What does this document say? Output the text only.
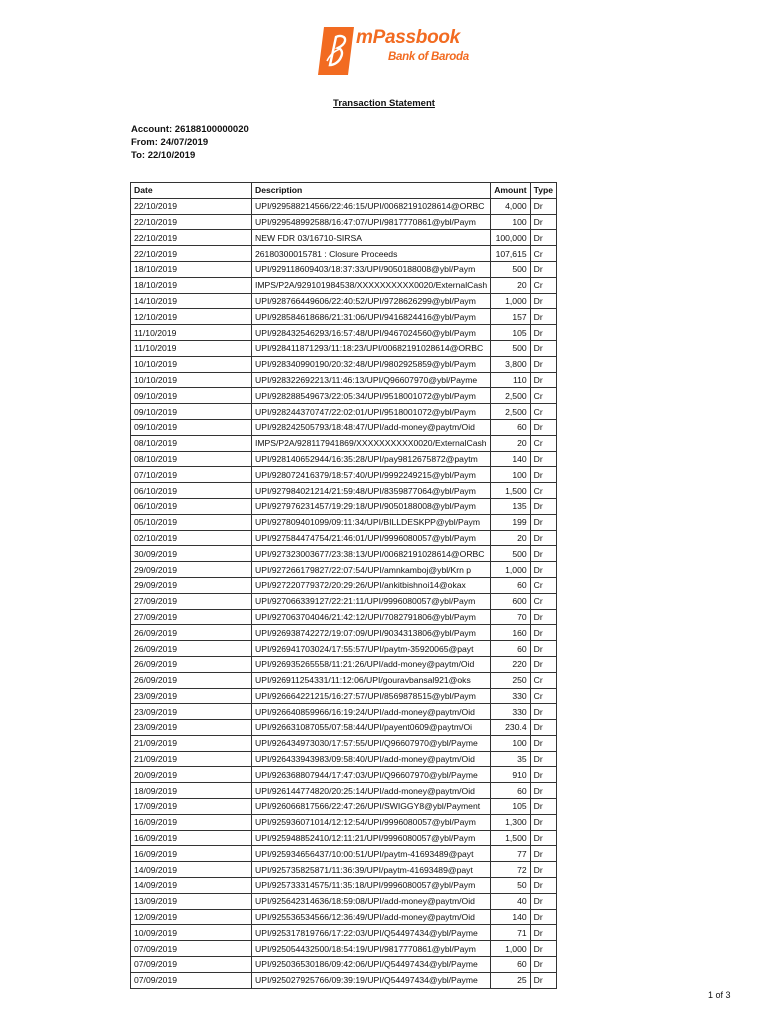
mPassbook
Bank of Baroda
Transaction Statement
Account: 26188100000020
From: 24/07/2019
To: 22/10/2019
Date	Description	Amount	Type
22/10/2019	UPI/929588214566/22:46:15/UPI/00682191028614@ORBC	4,000	Dr
22/10/2019	UPI/929548992588/16:47:07/UPI/9817770861@ybl/Paym	100	Dr
22/10/2019	NEW FDR 03/16710-SIRSA	100,000	Dr
22/10/2019	26180300015781 : Closure Proceeds	107,615	Cr
18/10/2019	UPI/929118609403/18:37:33/UPI/9050188008@ybl/Paym	500	Dr
18/10/2019	IMPS/P2A/929101984538/XXXXXXXXXX0020/ExternalCash	20	Cr
14/10/2019	UPI/928766449606/22:40:52/UPI/9728626299@ybl/Paym	1,000	Dr
12/10/2019	UPI/928584618686/21:31:06/UPI/9416824416@ybl/Paym	157	Dr
11/10/2019	UPI/928432546293/16:57:48/UPI/9467024560@ybl/Paym	105	Dr
11/10/2019	UPI/928411871293/11:18:23/UPI/00682191028614@ORBC	500	Dr
10/10/2019	UPI/928340990190/20:32:48/UPI/9802925859@ybl/Paym	3,800	Dr
10/10/2019	UPI/928322692213/11:46:13/UPI/Q96607970@ybl/Payme	110	Dr
09/10/2019	UPI/928288549673/22:05:34/UPI/9518001072@ybl/Paym	2,500	Cr
09/10/2019	UPI/928244370747/22:02:01/UPI/9518001072@ybl/Paym	2,500	Cr
09/10/2019	UPI/928242505793/18:48:47/UPI/add-money@paytm/Oid	60	Dr
08/10/2019	IMPS/P2A/928117941869/XXXXXXXXXX0020/ExternalCash	20	Cr
08/10/2019	UPI/928140652944/16:35:28/UPI/pay9812675872@paytm	140	Dr
07/10/2019	UPI/928072416379/18:57:40/UPI/9992249215@ybl/Paym	100	Dr
06/10/2019	UPI/927984021214/21:59:48/UPI/8359877064@ybl/Paym	1,500	Cr
06/10/2019	UPI/927976231457/19:29:18/UPI/9050188008@ybl/Paym	135	Dr
05/10/2019	UPI/927809401099/09:11:34/UPI/BILLDESKPP@ybl/Paym	199	Dr
02/10/2019	UPI/927584474754/21:46:01/UPI/9996080057@ybl/Paym	20	Dr
30/09/2019	UPI/927323003677/23:38:13/UPI/00682191028614@ORBC	500	Dr
29/09/2019	UPI/927266179827/22:07:54/UPI/amnkamboj@ybl/Krn p	1,000	Dr
29/09/2019	UPI/927220779372/20:29:26/UPI/ankitbishnoi14@okax	60	Cr
27/09/2019	UPI/927066339127/22:21:11/UPI/9996080057@ybl/Paym	600	Cr
27/09/2019	UPI/927063704046/21:42:12/UPI/7082791806@ybl/Paym	70	Dr
26/09/2019	UPI/926938742272/19:07:09/UPI/9034313806@ybl/Paym	160	Dr
26/09/2019	UPI/926941703024/17:55:57/UPI/paytm-35920065@payt	60	Dr
26/09/2019	UPI/926935265558/11:21:26/UPI/add-money@paytm/Oid	220	Dr
26/09/2019	UPI/926911254331/11:12:06/UPI/gouravbansal921@oks	250	Cr
23/09/2019	UPI/926664221215/16:27:57/UPI/8569878515@ybl/Paym	330	Cr
23/09/2019	UPI/926640859966/16:19:24/UPI/add-money@paytm/Oid	330	Dr
23/09/2019	UPI/926631087055/07:58:44/UPI/payent0609@paytm/Oi	230.4	Dr
21/09/2019	UPI/926434973030/17:57:55/UPI/Q96607970@ybl/Payme	100	Dr
21/09/2019	UPI/926433943983/09:58:40/UPI/add-money@paytm/Oid	35	Dr
20/09/2019	UPI/926368807944/17:47:03/UPI/Q96607970@ybl/Payme	910	Dr
18/09/2019	UPI/926144774820/20:25:14/UPI/add-money@paytm/Oid	60	Dr
17/09/2019	UPI/926066817566/22:47:26/UPI/SWIGGY8@ybl/Payment	105	Dr
16/09/2019	UPI/925936071014/12:12:54/UPI/9996080057@ybl/Paym	1,300	Dr
16/09/2019	UPI/925948852410/12:11:21/UPI/9996080057@ybl/Paym	1,500	Dr
16/09/2019	UPI/925934656437/10:00:51/UPI/paytm-41693489@payt	77	Dr
14/09/2019	UPI/925735825871/11:36:39/UPI/paytm-41693489@payt	72	Dr
14/09/2019	UPI/925733314575/11:35:18/UPI/9996080057@ybl/Paym	50	Dr
13/09/2019	UPI/925642314636/18:59:08/UPI/add-money@paytm/Oid	40	Dr
12/09/2019	UPI/925536534566/12:36:49/UPI/add-money@paytm/Oid	140	Dr
10/09/2019	UPI/925317819766/17:22:03/UPI/Q54497434@ybl/Payme	71	Dr
07/09/2019	UPI/925054432500/18:54:19/UPI/9817770861@ybl/Paym	1,000	Dr
07/09/2019	UPI/925036530186/09:42:06/UPI/Q54497434@ybl/Payme	60	Dr
07/09/2019	UPI/925027925766/09:39:19/UPI/Q54497434@ybl/Payme	25	Dr
1 of 3
